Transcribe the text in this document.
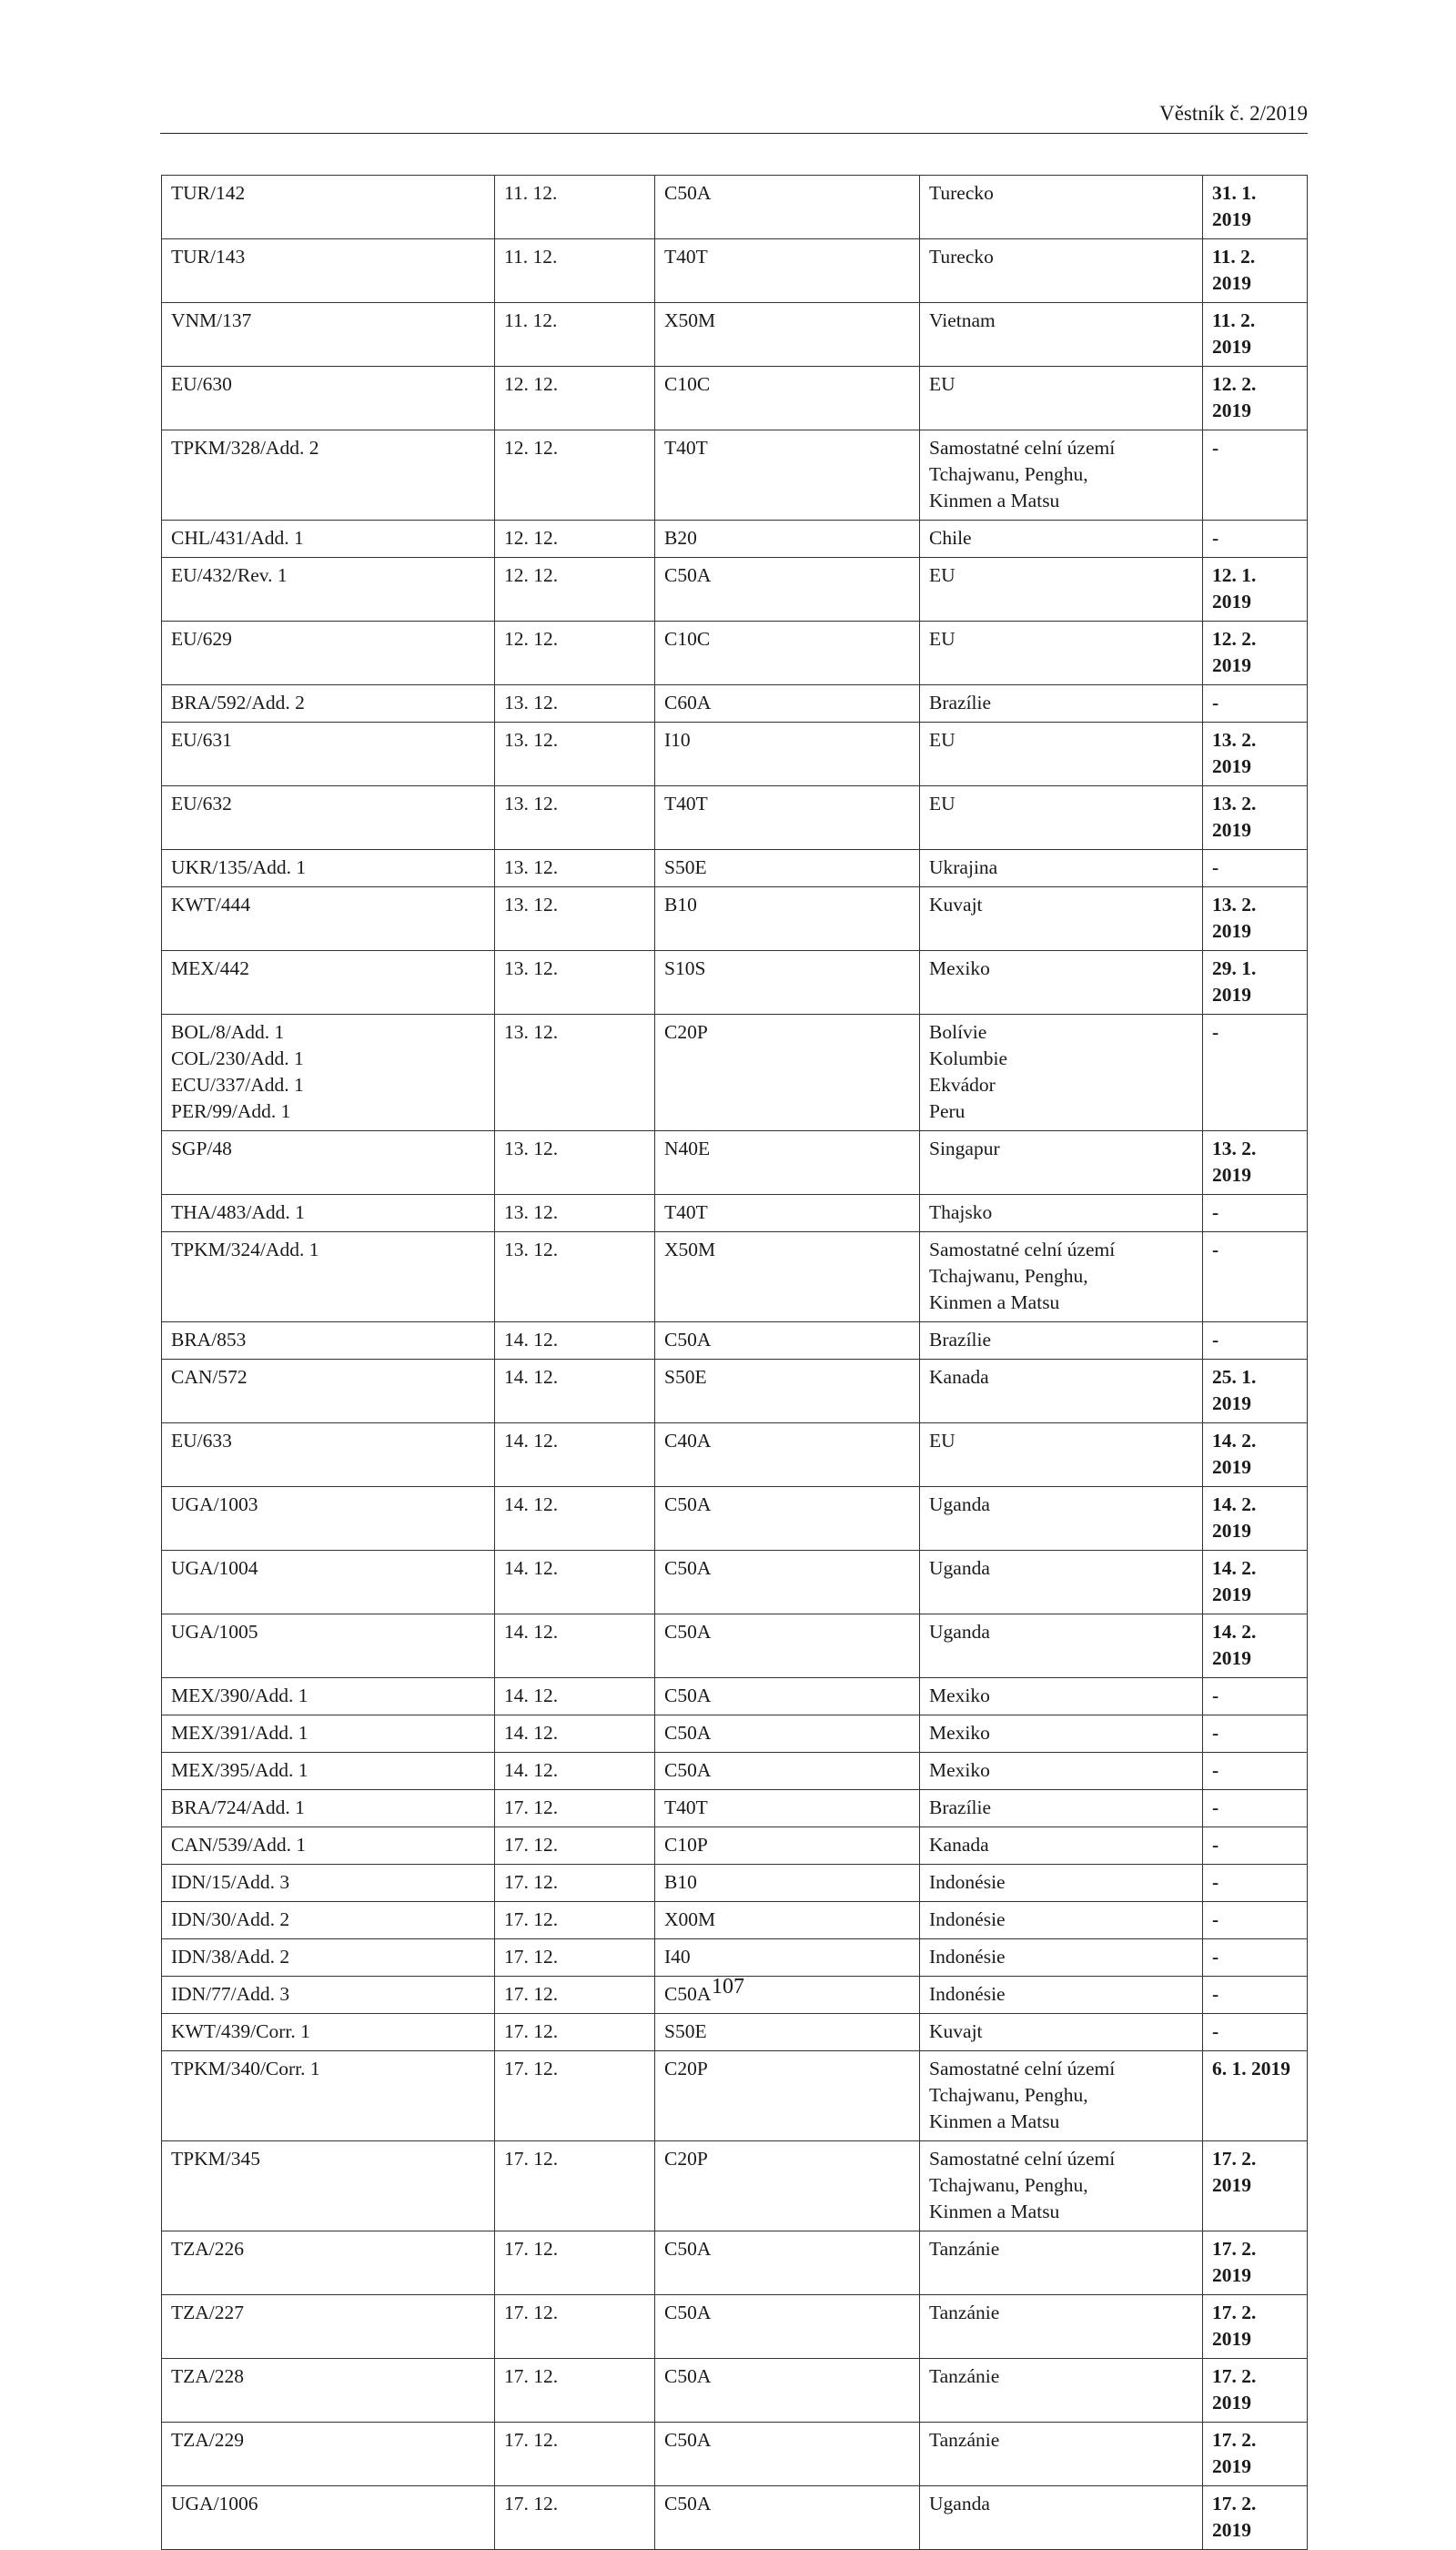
Věstník č. 2/2019
TUR/142	11. 12.	C50A	Turecko	31. 1. 2019

TUR/143	11. 12.	T40T	Turecko	11. 2. 2019

VNM/137	11. 12.	X50M	Vietnam	11. 2. 2019

EU/630	12. 12.	C10C	EU	12. 2. 2019

TPKM/328/Add. 2	12. 12.	T40T	Samostatné celní území
Tchajwanu, Penghu,
Kinmen a Matsu	-

CHL/431/Add. 1	12. 12.	B20	Chile	-

EU/432/Rev. 1	12. 12.	C50A	EU	12. 1. 2019

EU/629	12. 12.	C10C	EU	12. 2. 2019

BRA/592/Add. 2	13. 12.	C60A	Brazílie	-

EU/631	13. 12.	I10	EU	13. 2. 2019

EU/632	13. 12.	T40T	EU	13. 2. 2019

UKR/135/Add. 1	13. 12.	S50E	Ukrajina	-

KWT/444	13. 12.	B10	Kuvajt	13. 2. 2019

MEX/442	13. 12.	S10S	Mexiko	29. 1. 2019

BOL/8/Add. 1
COL/230/Add. 1
ECU/337/Add. 1
PER/99/Add. 1	13. 12.	C20P	Bolívie
Kolumbie
Ekvádor
Peru	-

SGP/48	13. 12.	N40E	Singapur	13. 2. 2019

THA/483/Add. 1	13. 12.	T40T	Thajsko	-

TPKM/324/Add. 1	13. 12.	X50M	Samostatné celní území
Tchajwanu, Penghu,
Kinmen a Matsu	-

BRA/853	14. 12.	C50A	Brazílie	-

CAN/572	14. 12.	S50E	Kanada	25. 1. 2019

EU/633	14. 12.	C40A	EU	14. 2. 2019

UGA/1003	14. 12.	C50A	Uganda	14. 2. 2019

UGA/1004	14. 12.	C50A	Uganda	14. 2. 2019

UGA/1005	14. 12.	C50A	Uganda	14. 2. 2019

MEX/390/Add. 1	14. 12.	C50A	Mexiko	-

MEX/391/Add. 1	14. 12.	C50A	Mexiko	-

MEX/395/Add. 1	14. 12.	C50A	Mexiko	-

BRA/724/Add. 1	17. 12.	T40T	Brazílie	-

CAN/539/Add. 1	17. 12.	C10P	Kanada	-

IDN/15/Add. 3	17. 12.	B10	Indonésie	-

IDN/30/Add. 2	17. 12.	X00M	Indonésie	-

IDN/38/Add. 2	17. 12.	I40	Indonésie	-

IDN/77/Add. 3	17. 12.	C50A	Indonésie	-

KWT/439/Corr. 1	17. 12.	S50E	Kuvajt	-

TPKM/340/Corr. 1	17. 12.	C20P	Samostatné celní území
Tchajwanu, Penghu,
Kinmen a Matsu	6. 1. 2019

TPKM/345	17. 12.	C20P	Samostatné celní území
Tchajwanu, Penghu,
Kinmen a Matsu	17. 2. 2019

TZA/226	17. 12.	C50A	Tanzánie	17. 2. 2019

TZA/227	17. 12.	C50A	Tanzánie	17. 2. 2019

TZA/228	17. 12.	C50A	Tanzánie	17. 2. 2019

TZA/229	17. 12.	C50A	Tanzánie	17. 2. 2019

UGA/1006	17. 12.	C50A	Uganda	17. 2. 2019
107
